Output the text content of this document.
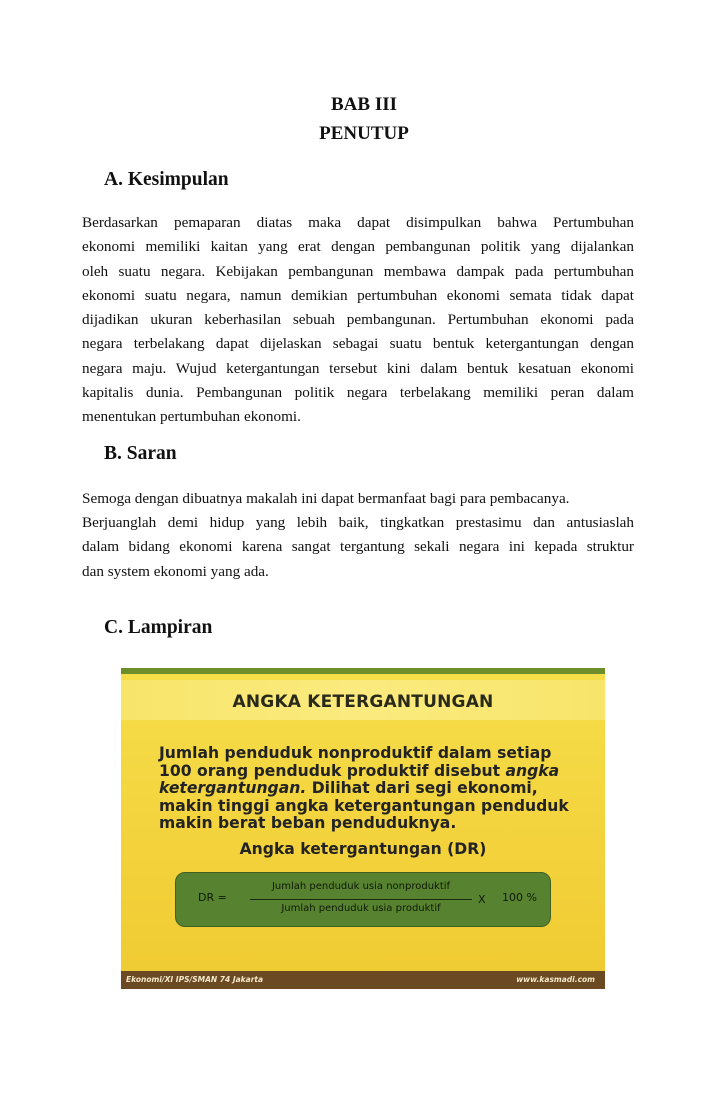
BAB III
PENUTUP
A. Kesimpulan

Berdasarkan pemaparan diatas maka dapat disimpulkan bahwa Pertumbuhan
ekonomi memiliki kaitan yang erat dengan pembangunan politik yang dijalankan
oleh suatu negara. Kebijakan pembangunan membawa dampak pada pertumbuhan
ekonomi suatu negara, namun demikian pertumbuhan ekonomi semata tidak dapat
dijadikan ukuran keberhasilan sebuah pembangunan. Pertumbuhan ekonomi pada
negara terbelakang dapat dijelaskan sebagai suatu bentuk ketergantungan dengan
negara maju. Wujud ketergantungan tersebut kini dalam bentuk kesatuan ekonomi
kapitalis dunia. Pembangunan politik negara terbelakang memiliki peran dalam
menentukan pertumbuhan ekonomi.

B. Saran

Semoga dengan dibuatnya makalah ini dapat bermanfaat bagi para pembacanya.

Berjuanglah demi hidup yang lebih baik, tingkatkan prestasimu dan antusiaslah
dalam bidang ekonomi karena sangat tergantung sekali negara ini kepada struktur
dan system ekonomi yang ada.

C. Lampiran
ANGKA KETERGANTUNGAN
Jumlah penduduk nonproduktif dalam setiap
100 orang penduduk produktif disebut angka
ketergantungan. Dilihat dari segi ekonomi,
makin tinggi angka ketergantungan penduduk
makin berat beban penduduknya.
Angka ketergantungan (DR)
DR =
Jumlah penduduk usia nonproduktif
Jumlah penduduk usia produktif
X 100 %
Ekonomi/XI IPS/SMAN 74 Jakarta	www.kasmadi.com
